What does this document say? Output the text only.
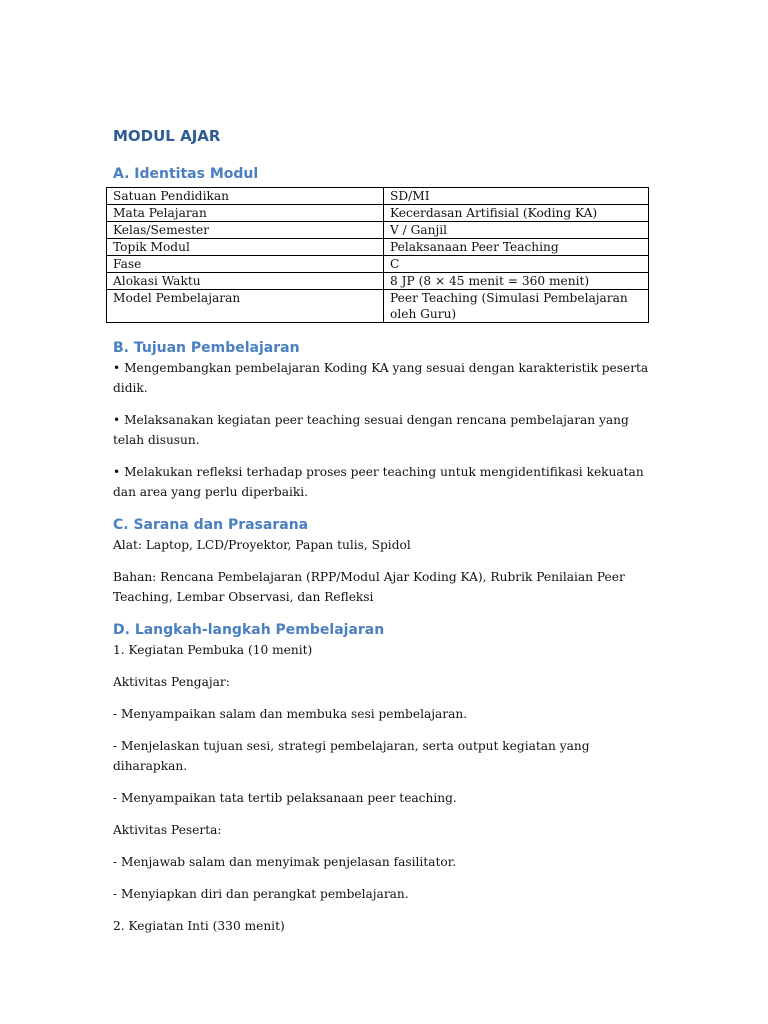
MODUL AJAR
A. Identitas Modul
Satuan Pendidikan	SD/MI
Mata Pelajaran	Kecerdasan Artifisial (Koding KA)
Kelas/Semester	V / Ganjil
Topik Modul	Pelaksanaan Peer Teaching
Fase	C
Alokasi Waktu	8 JP (8 × 45 menit = 360 menit)
Model Pembelajaran	Peer Teaching (Simulasi Pembelajaran oleh Guru)
B. Tujuan Pembelajaran

• Mengembangkan pembelajaran Koding KA yang sesuai dengan karakteristik peserta didik.

• Melaksanakan kegiatan peer teaching sesuai dengan rencana pembelajaran yang telah disusun.

• Melakukan refleksi terhadap proses peer teaching untuk mengidentifikasi kekuatan dan area yang perlu diperbaiki.

C. Sarana dan Prasarana

Alat: Laptop, LCD/Proyektor, Papan tulis, Spidol

Bahan: Rencana Pembelajaran (RPP/Modul Ajar Koding KA), Rubrik Penilaian Peer Teaching, Lembar Observasi, dan Refleksi

D. Langkah-langkah Pembelajaran

1. Kegiatan Pembuka (10 menit)

Aktivitas Pengajar:

- Menyampaikan salam dan membuka sesi pembelajaran.

- Menjelaskan tujuan sesi, strategi pembelajaran, serta output kegiatan yang diharapkan.

- Menyampaikan tata tertib pelaksanaan peer teaching.

Aktivitas Peserta:

- Menjawab salam dan menyimak penjelasan fasilitator.

- Menyiapkan diri dan perangkat pembelajaran.

2. Kegiatan Inti (330 menit)
